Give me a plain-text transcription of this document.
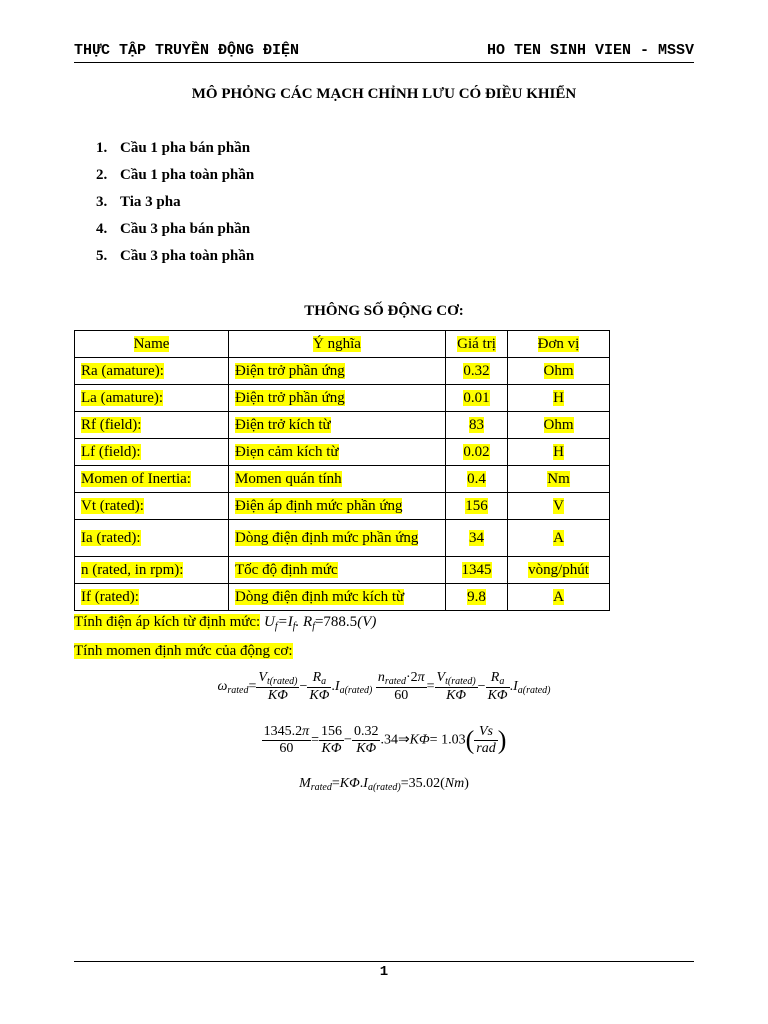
THỰC TẬP TRUYỀN ĐỘNG ĐIỆN	HO TEN SINH VIEN - MSSV
MÔ PHỎNG CÁC MẠCH CHỈNH LƯU CÓ ĐIỀU KHIỂN
1. Cầu 1 pha bán phần
2. Cầu 1 pha toàn phần
3. Tia 3 pha
4. Cầu 3 pha bán phần
5. Cầu 3 pha toàn phần
THÔNG SỐ ĐỘNG CƠ:
Name	Ý nghĩa	Giá trị	Đơn vị
Ra (amature):	Điện trở phần ứng	0.32	Ohm
La (amature):	Điện trở phần ứng	0.01	H
Rf (field):	Điện trở kích từ	83	Ohm
Lf (field):	Điẹn cảm kích từ	0.02	H
Momen of Inertia:	Momen quán tính	0.4	Nm
Vt (rated):	Điện áp định mức phần ứng	156	V
Ia (rated):	Dòng điện định mức phần ứng	34	A
n (rated, in rpm):	Tốc độ định mức	1345	vòng/phút
If (rated):	Dòng điện định mức kích từ	9.8	A
Tính điện áp kích từ định mức: $U_f=I_f$. $R_f=788.5(V)$
Tính momen định mức của động cơ:
$\omega_{rated}= \frac{V_{t(rated)}}{K\Phi} - \frac{R_a}{K\Phi} .I_{a(rated)} \frac{n_{rated}\cdot 2\pi}{60} = \frac{V_{t(rated)}}{K\Phi} - \frac{R_a}{K\Phi} .I_{a(rated)}$
$\frac{1345.2\pi}{60} = \frac{156}{K\Phi} - \frac{0.32}{K\Phi}$ .34⇒KΦ= $1.03( \frac{Vs}{\text{rad}}$ )
$M_{rated}=K\Phi.I_{a(rated)}=35.02(Nm)$
1
